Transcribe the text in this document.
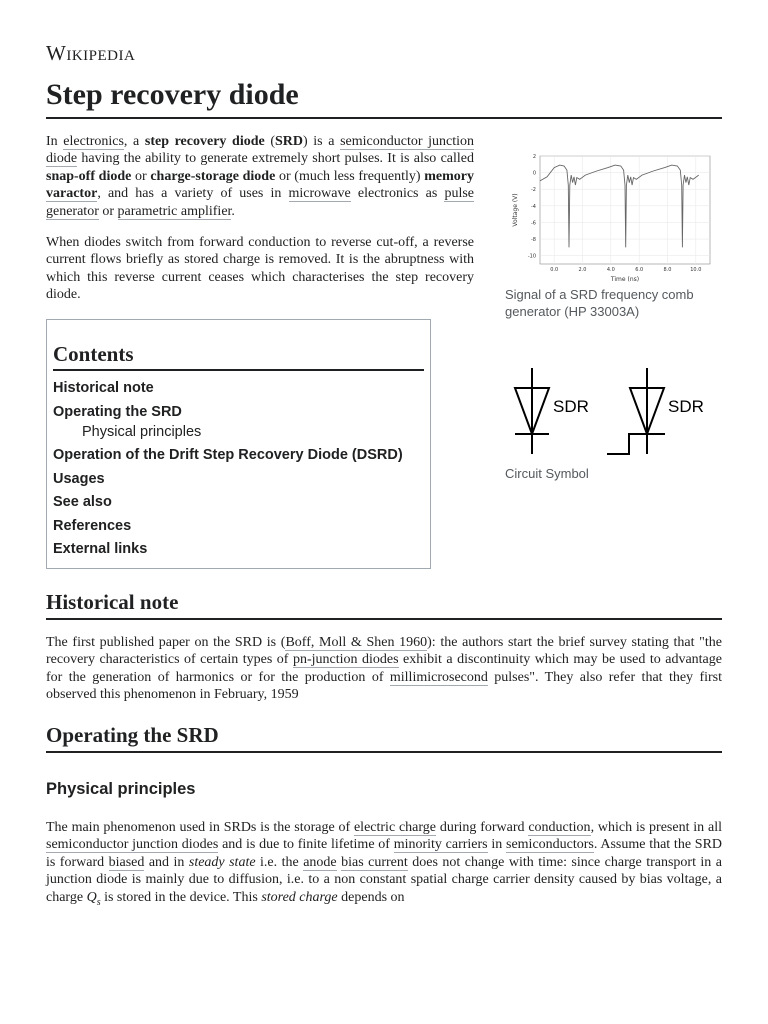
Wikipedia
Step recovery diode

In electronics, a step recovery diode (SRD) is a semiconductor junction diode having the ability to generate extremely short pulses. It is also called snap-off diode or charge-storage diode or (much less frequently) memory varactor, and has a variety of uses in microwave electronics as pulse generator or parametric amplifier.

When diodes switch from forward conduction to reverse cut-off, a reverse current flows briefly as stored charge is removed. It is the abruptness with which this reverse current ceases which characterises the step recovery diode.

0.0	2.0	4.0	6.0	8.0	10.0
2
0
-2
-4
-6
-8
-10
Time (ns)
Voltage (V)
Signal of a SRD frequency comb generator (HP 33003A)
SDR	SDR
Circuit Symbol
Contents
Historical note
Operating the SRD
Physical principles
Operation of the Drift Step Recovery Diode (DSRD)
Usages
See also
References
External links
Historical note

The first published paper on the SRD is (Boff, Moll & Shen 1960): the authors start the brief survey stating that "the recovery characteristics of certain types of pn-junction diodes exhibit a discontinuity which may be used to advantage for the generation of harmonics or for the production of millimicrosecond pulses". They also refer that they first observed this phenomenon in February, 1959

Operating the SRD
Physical principles

The main phenomenon used in SRDs is the storage of electric charge during forward conduction, which is present in all semiconductor junction diodes and is due to finite lifetime of minority carriers in semiconductors. Assume that the SRD is forward biased and in steady state i.e. the anode bias current does not change with time: since charge transport in a junction diode is mainly due to diffusion, i.e. to a non constant spatial charge carrier density caused by bias voltage, a charge $Q_s$ is stored in the device. This stored charge depends on
